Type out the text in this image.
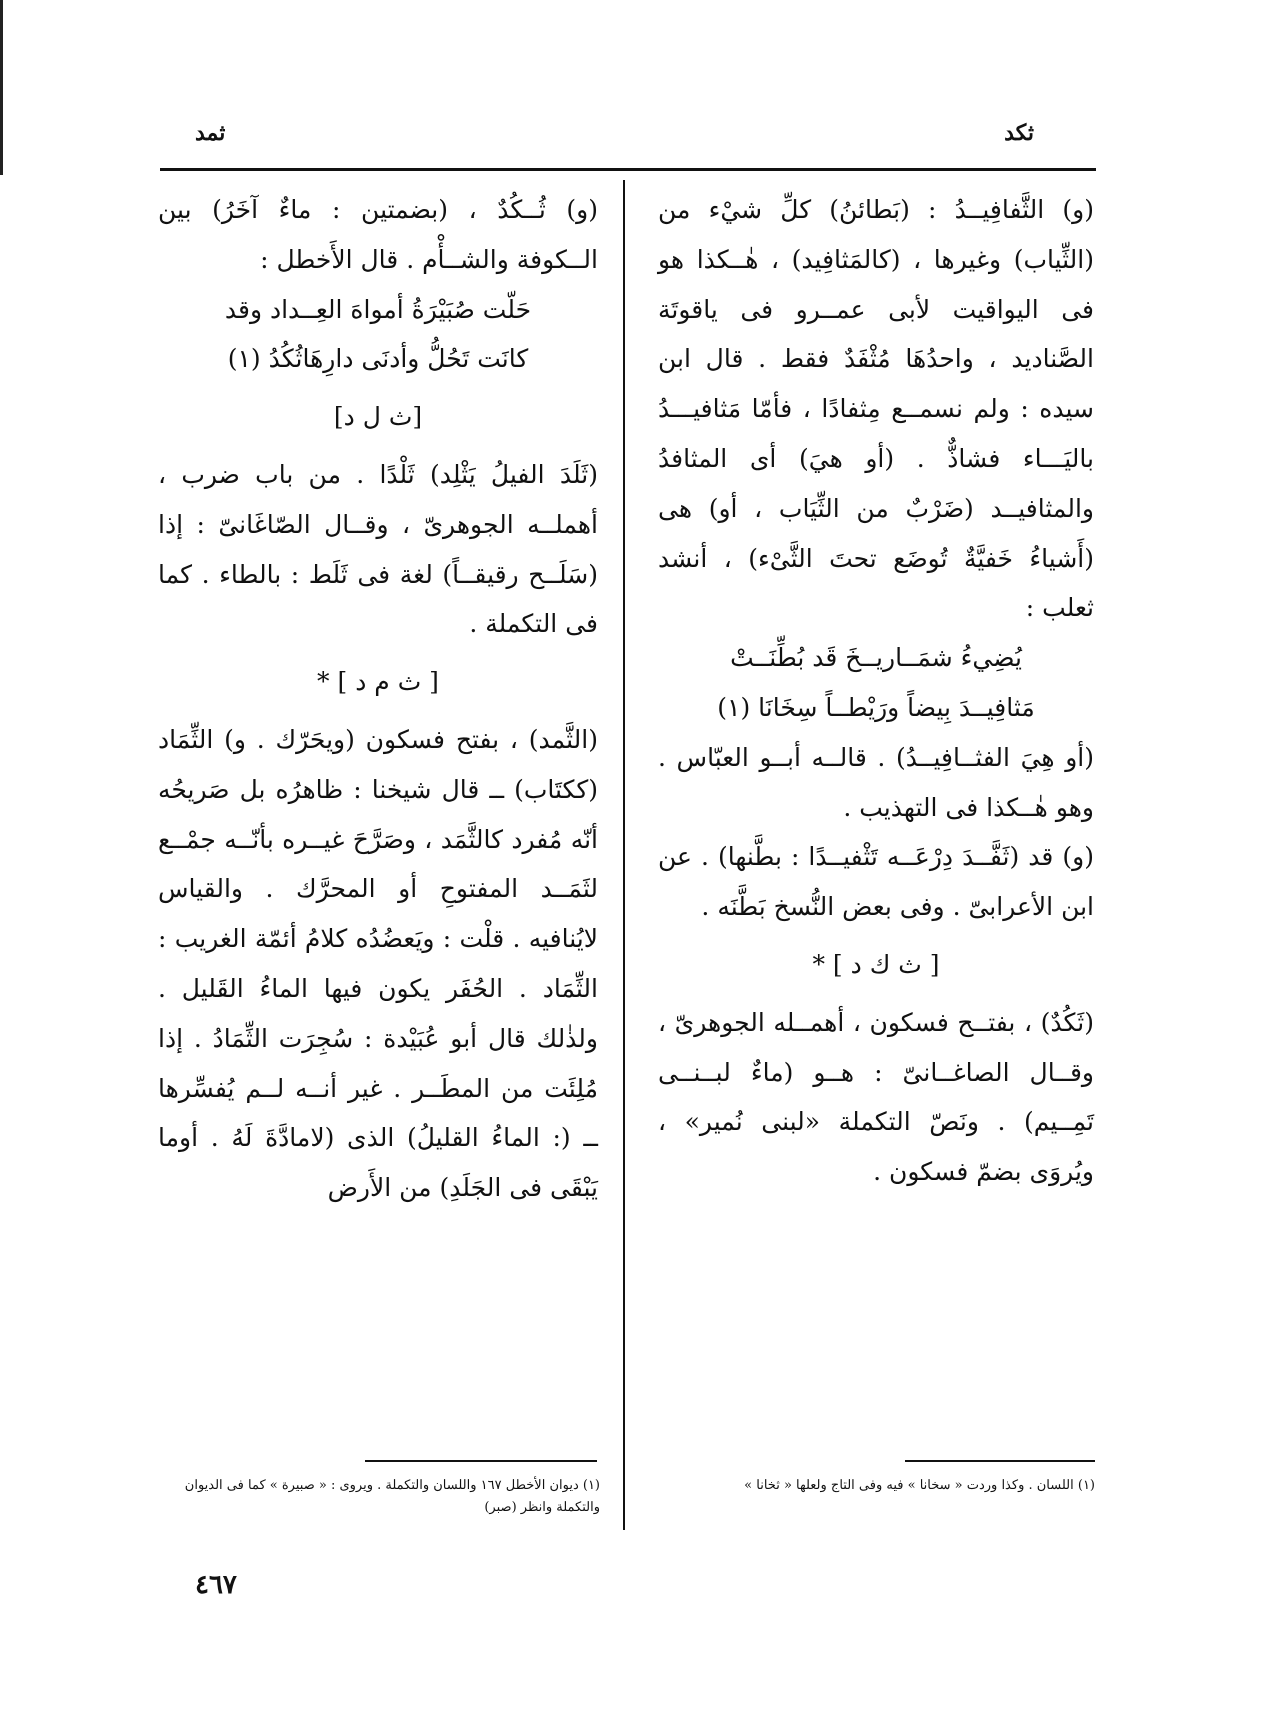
ثكد
ثمد

(و) الثَّفافِيــدُ : (بَطائنُ) كلِّ شيْء من (الثِّياب) وغيرها ، (كالمَثافِيد) ، هٰــكذا هو فى اليواقيت لأبى عمــرو فى ياقوتَة الصَّناديد ، واحدُهَا مُثْفَدٌ فقط . قال ابن سيده : ولم نسمــع مِثفادًا ، فأمّا مَثافيـــدُ باليَـــاء فشاذٌّ . (أو هيَ) أى المثافدُ والمثافيــد (ضَرْبٌ من الثِّيَاب ، أو) هى (أَشياءُ خَفيَّةٌ تُوضَع تحتَ الثَّىْء) ، أنشد ثعلب :

يُضِيءُ شمَــاريــخَ قَد بُطِّنَــتْ

مَثافِيــدَ بِيضاً ورَيْطــاً سِخَانَا (١)

(أو هِيَ الفثــافِيــدُ) . قالــه أبــو العبّاس . وهو هٰــكذا فى التهذيب .

(و) قد (ثَفَّــدَ دِرْعَــه تَثْفيــدًا : بطَّنها) . عن ابن الأعرابىّ . وفى بعض النُّسخ بَطَّنَه .

[ ث ك د ] *

(ثَكُدٌ) ، بفتــح فسكون ، أهمــله الجوهرىّ ، وقــال الصاغــانىّ : هــو (ماءٌ لبــنــى تَمِــيم) . ونَصّ التكملة «لبنى نُمير» ، ويُروَى بضمّ فسكون .

(و) ثُــكُدٌ ، (بضمتين : ماءٌ آخَرُ) بين الــكوفة والشــأْم . قال الأَخطل :

حَلّت صُبَيْرَةُ أمواهَ العِــداد وقد

كانَت تَحُلُّ وأدنَى دارِهَاثُكُدُ (١)

[ث ل د]

(ثَلَدَ الفيلُ يَثْلِد) ثَلْدًا . من باب ضرب ، أهملــه الجوهرىّ ، وقــال الصّاغَانىّ : إذا (سَلَــح رقيقــاً) لغة فى ثَلَط : بالطاء . كما فى التكملة .

[ ث م د ] *

(الثَّمد) ، بفتح فسكون (ويحَرّك . و) الثِّمَاد (ككتَاب) ــ قال شيخنا : ظاهرُه بل صَريحُه أنّه مُفرد كالثَّمَد ، وصَرَّحَ غيــره بأنّــه جمْــع لثَمَــد المفتوحِ أو المحرَّك . والقياس لايُنافيه . قلْت : ويَعضُدُه كلامُ أئمّة الغريب : الثِّمَاد . الحُفَر يكون فيها الماءُ القَليل . ولذٰلك قال أبو عُبَيْدة : سُجِرَت الثِّمَادُ . إذا مُلِئَت من المطَــر . غير أنــه لــم يُفسِّرها ــ (: الماءُ القليلُ) الذى (لامادَّةَ لَهُ . أوما يَبْقَى فى الجَلَدِ) من الأَرض

(١) اللسان . وكذا وردت « سخانا » فيه وفى التاج ولعلها « ثخانا »
(١) ديوان الأخطل ١٦٧ واللسان والتكملة . ويروى : « صبيرة » كما فى الديوان والتكملة وانظر (صبر)
٤٦٧
